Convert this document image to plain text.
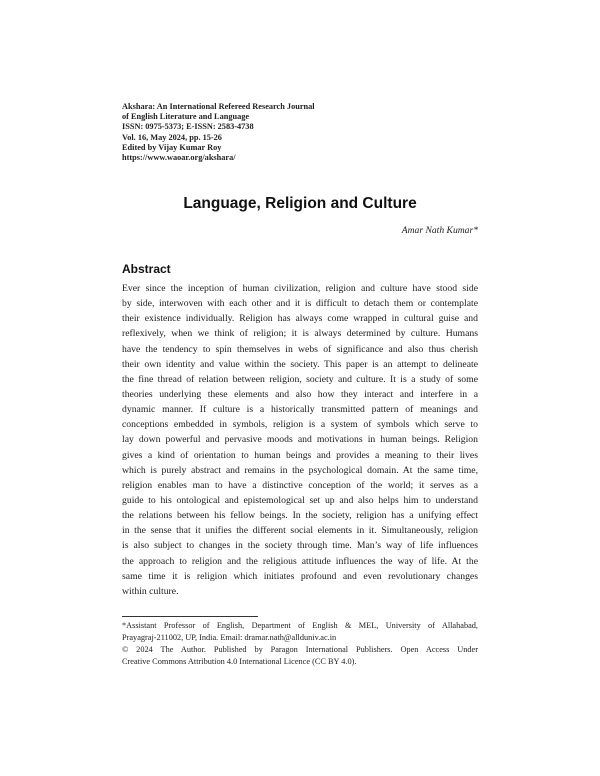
Akshara: An International Refereed Research Journal
of English Literature and Language
ISSN: 0975-5373; E-ISSN: 2583-4738
Vol. 16, May 2024, pp. 15-26
Edited by Vijay Kumar Roy
https://www.waoar.org/akshara/
Language, Religion and Culture
Amar Nath Kumar*
Abstract
Ever since the inception of human civilization, religion and culture have stood side
by side, interwoven with each other and it is difficult to detach them or contemplate
their existence individually. Religion has always come wrapped in cultural guise and
reflexively, when we think of religion; it is always determined by culture. Humans
have the tendency to spin themselves in webs of significance and also thus cherish
their own identity and value within the society. This paper is an attempt to delineate
the fine thread of relation between religion, society and culture. It is a study of some
theories underlying these elements and also how they interact and interfere in a
dynamic manner. If culture is a historically transmitted pattern of meanings and
conceptions embedded in symbols, religion is a system of symbols which serve to
lay down powerful and pervasive moods and motivations in human beings. Religion
gives a kind of orientation to human beings and provides a meaning to their lives
which is purely abstract and remains in the psychological domain. At the same time,
religion enables man to have a distinctive conception of the world; it serves as a
guide to his ontological and epistemological set up and also helps him to understand
the relations between his fellow beings. In the society, religion has a unifying effect
in the sense that it unifies the different social elements in it. Simultaneously, religion
is also subject to changes in the society through time. Man’s way of life influences
the approach to religion and the religious attitude influences the way of life. At the
same time it is religion which initiates profound and even revolutionary changes
within culture.
*Assistant Professor of English, Department of English & MEL, University of Allahabad,
Prayagraj-211002, UP, India. Email: dramar.nath@allduniv.ac.in
© 2024 The Author. Published by Paragon International Publishers. Open Access Under
Creative Commons Attribution 4.0 International Licence (CC BY 4.0).
